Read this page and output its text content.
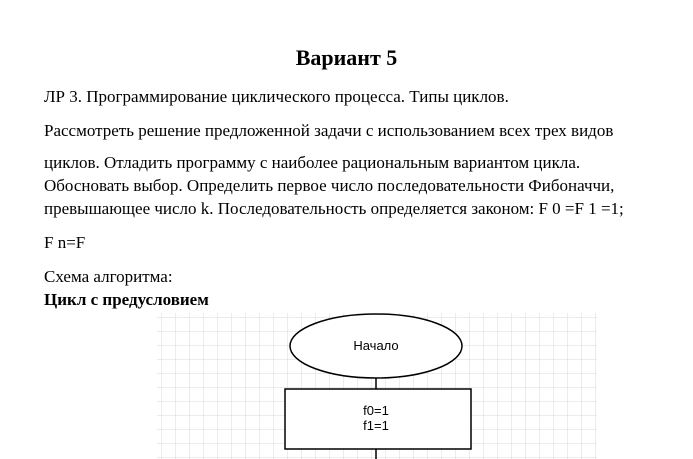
Вариант 5
ЛР 3. Программирование циклического процесса. Типы циклов.
Рассмотреть решение предложенной задачи с использованием всех трех видов
циклов. Отладить программу с наиболее рациональным вариантом цикла.
Обосновать выбор. Определить первое число последовательности Фибоначчи,
превышающее число k. Последовательность определяется законом: F 0 =F 1 =1;
F n=F
Схема алгоритма:
Цикл с предусловием
Начало
f0=1
f1=1
